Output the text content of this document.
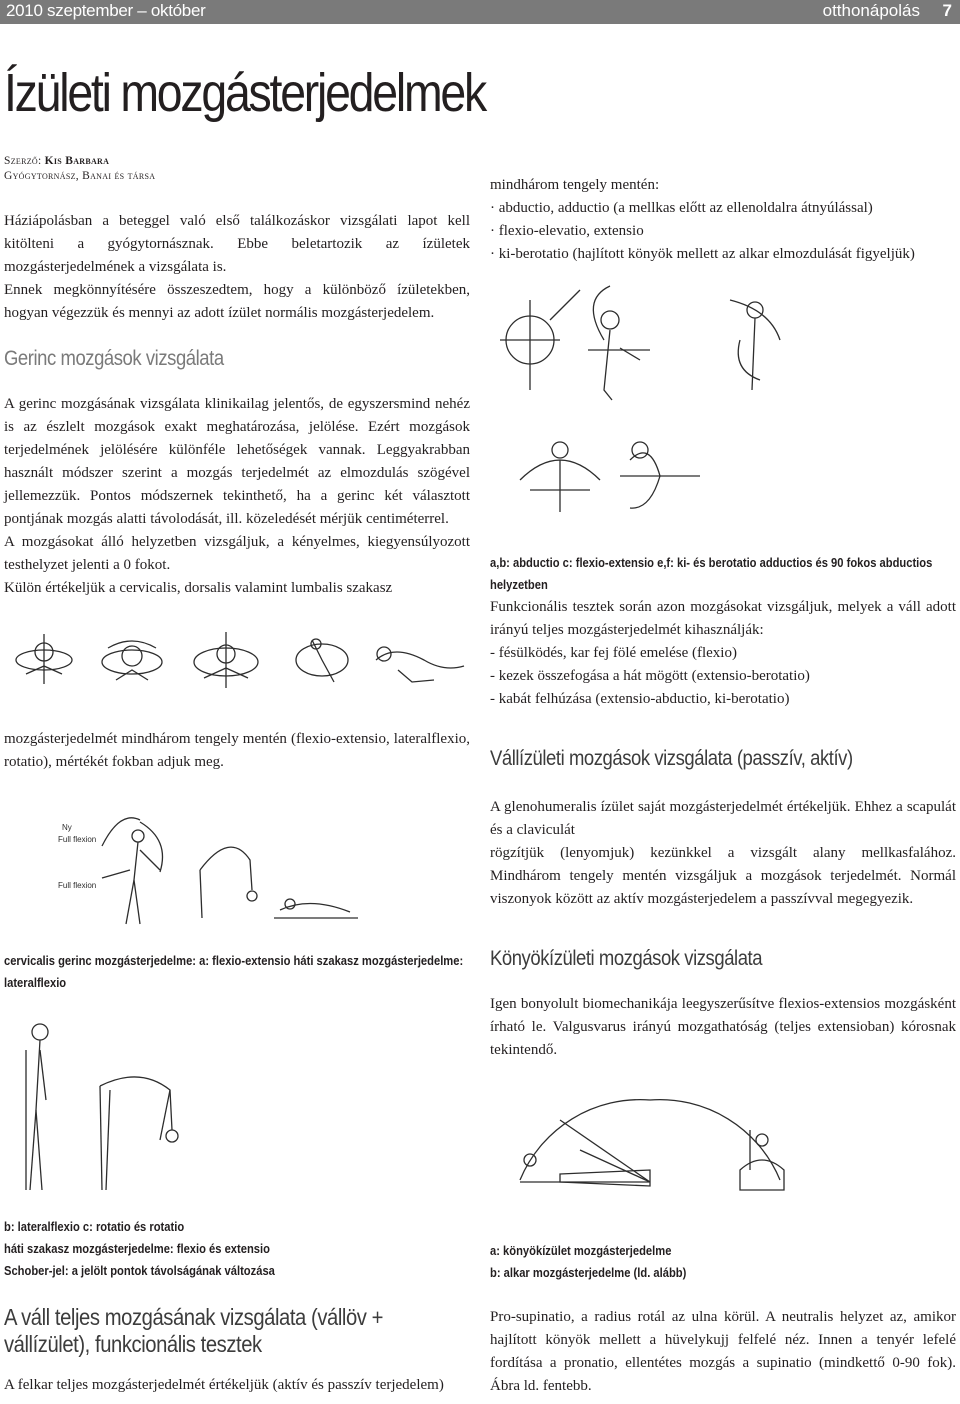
2010 szeptember – október	otthonápolás 7
Ízületi mozgásterjedelmek
Szerző: Kis Barbara
Gyógytornász, Banai és társa

Háziápolásban a beteggel való első találkozáskor vizsgálati lapot kell kitölteni a gyógytornásznak. Ebbe beletartozik az ízületek mozgásterjedelmének a vizsgálata is.

Ennek megkönnyítésére összeszedtem, hogy a különböző ízületekben, hogyan végezzük és mennyi az adott ízület normális mozgásterjedelem.

Gerinc mozgások vizsgálata

A gerinc mozgásának vizsgálata klinikailag jelentős, de egyszersmind nehéz is az észlelt mozgások exakt meghatározása, jelölése. Ezért mozgások terjedelmének jelölésére különféle lehetőségek vannak. Leggyakrabban használt módszer szerint a mozgás terjedelmét az elmozdulás szögével jellemezzük. Pontos módszernek tekinthető, ha a gerinc két választott pontjának mozgás alatti távolodását, ill. közeledését mérjük centiméterrel.

A mozgásokat álló helyzetben vizsgáljuk, a kényelmes, kiegyensúlyozott testhelyzet jelenti a 0 fokot.

Külön értékeljük a cervicalis, dorsalis valamint lumbalis szakasz

mozgásterjedelmét mindhárom tengely mentén (flexio-extensio, lateralflexio, rotatio), mértékét fokban adjuk meg.

Ny
Full flexion
Full flexion
cervicalis gerinc mozgásterjedelme: a: flexio-extensio háti szakasz mozgásterjedelme: lateralflexio
b: lateralflexio c: rotatio és rotatio
háti szakasz mozgásterjedelme: flexio és extensio
Schober-jel: a jelölt pontok távolságának változása
A váll teljes mozgásának vizsgálata (vállöv + vállízület), funkcionális tesztek

A felkar teljes mozgásterjedelmét értékeljük (aktív és passzív terjedelem)

mindhárom tengely mentén:

· abductio, adductio (a mellkas előtt az ellenoldalra átnyúlással)

· flexio-elevatio, extensio

· ki-berotatio (hajlított könyök mellett az alkar elmozdulását figyeljük)

a,b: abductio c: flexio-extensio e,f: ki- és berotatio adductios és 90 fokos abductios helyzetben

Funkcionális tesztek során azon mozgásokat vizsgáljuk, melyek a váll adott irányú teljes mozgásterjedelmét kihasználják:

- fésülködés, kar fej fölé emelése (flexio)

- kezek összefogása a hát mögött (extensio-berotatio)

- kabát felhúzása (extensio-abductio, ki-berotatio)

Vállízületi mozgások vizsgálata (passzív, aktív)

A glenohumeralis ízület saját mozgásterjedelmét értékeljük. Ehhez a scapulát és a claviculát

rögzítjük (lenyomjuk) kezünkkel a vizsgált alany mellkasfalához. Mindhárom tengely mentén vizsgáljuk a mozgások terjedelmét. Normál viszonyok között az aktív mozgásterjedelem a passzívval megegyezik.

Könyökízületi mozgások vizsgálata

Igen bonyolult biomechanikája leegyszerűsítve flexios-extensios mozgásként írható le. Valgusvarus irányú mozgathatóság (teljes extensioban) kórosnak tekintendő.

a: könyökízület mozgásterjedelme
b: alkar mozgásterjedelme (ld. alább)

Pro-supinatio, a radius rotál az ulna körül. A neutralis helyzet az, amikor hajlított könyök mellett a hüvelykujj felfelé néz. Innen a tenyér lefelé fordítása a pronatio, ellentétes mozgás a supinatio (mindkettő 0-90 fok). Ábra ld. fentebb.
